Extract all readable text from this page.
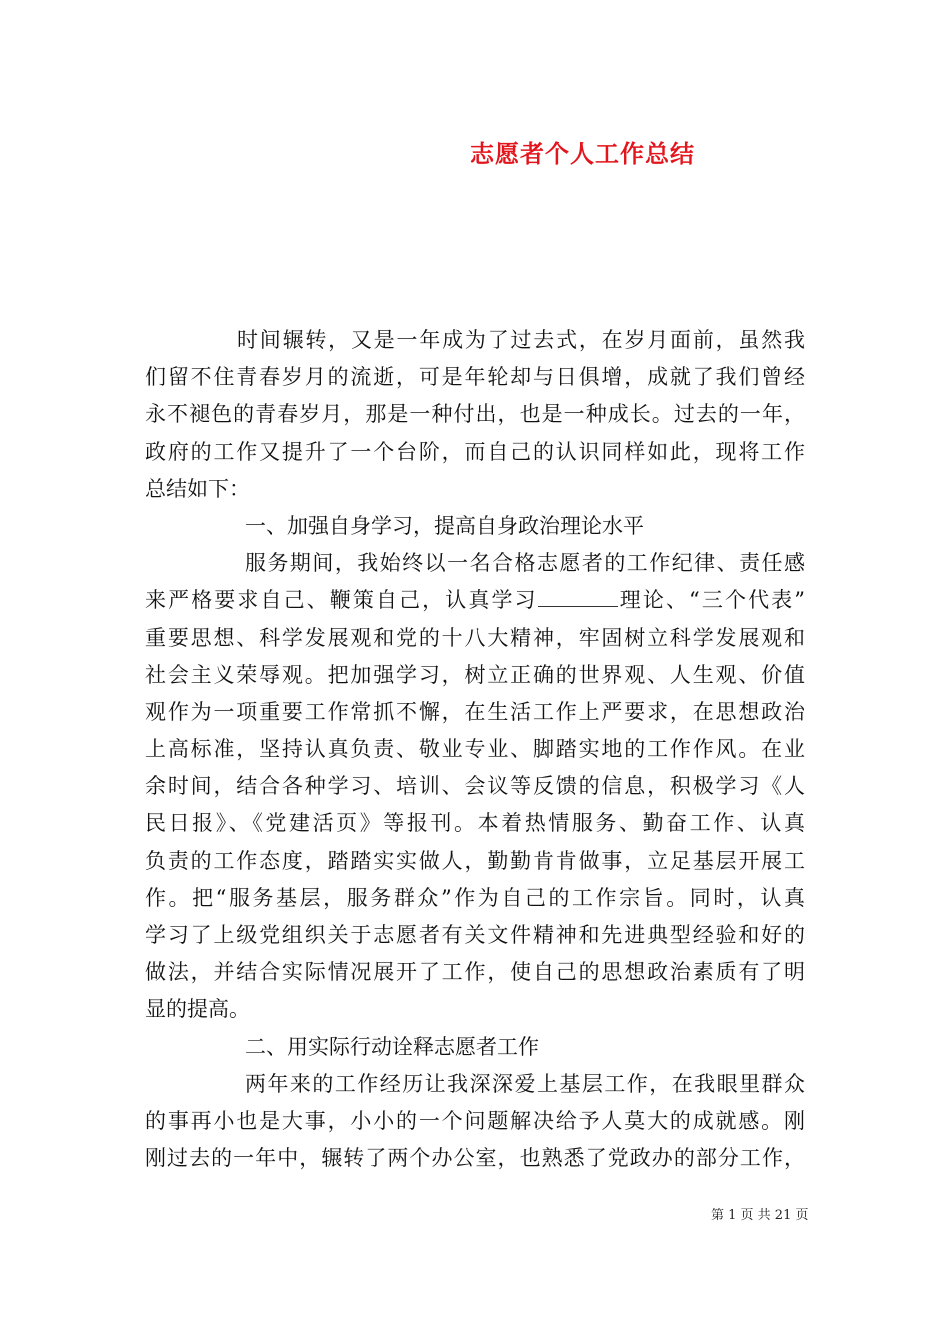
志愿者个人工作总结
时间辗转，又是一年成为了过去式，在岁月面前，虽然我
们留不住青春岁月的流逝，可是年轮却与日俱增，成就了我们曾经
永不褪色的青春岁月，那是一种付出，也是一种成长。过去的一年，
政府的工作又提升了一个台阶，而自己的认识同样如此，现将工作
总结如下：
一、加强自身学习，提高自身政治理论水平
服务期间，我始终以一名合格志愿者的工作纪律、责任感
来严格要求自己、鞭策自己，认真学习	理论、“三个代表”
重要思想、科学发展观和党的十八大精神，牢固树立科学发展观和
社会主义荣辱观。把加强学习，树立正确的世界观、人生观、价值
观作为一项重要工作常抓不懈，在生活工作上严要求，在思想政治
上高标准，坚持认真负责、敬业专业、脚踏实地的工作作风。在业
余时间，结合各种学习、培训、会议等反馈的信息，积极学习《人
民日报》、《党建活页》等报刊。本着热情服务、勤奋工作、认真
负责的工作态度，踏踏实实做人，勤勤肯肯做事，立足基层开展工
作。把“服务基层，服务群众”作为自己的工作宗旨。同时，认真
学习了上级党组织关于志愿者有关文件精神和先进典型经验和好的
做法，并结合实际情况展开了工作，使自己的思想政治素质有了明
显的提高。
二、用实际行动诠释志愿者工作
两年来的工作经历让我深深爱上基层工作，在我眼里群众
的事再小也是大事，小小的一个问题解决给予人莫大的成就感。刚
刚过去的一年中，辗转了两个办公室，也熟悉了党政办的部分工作，
第 1 页 共 21 页
